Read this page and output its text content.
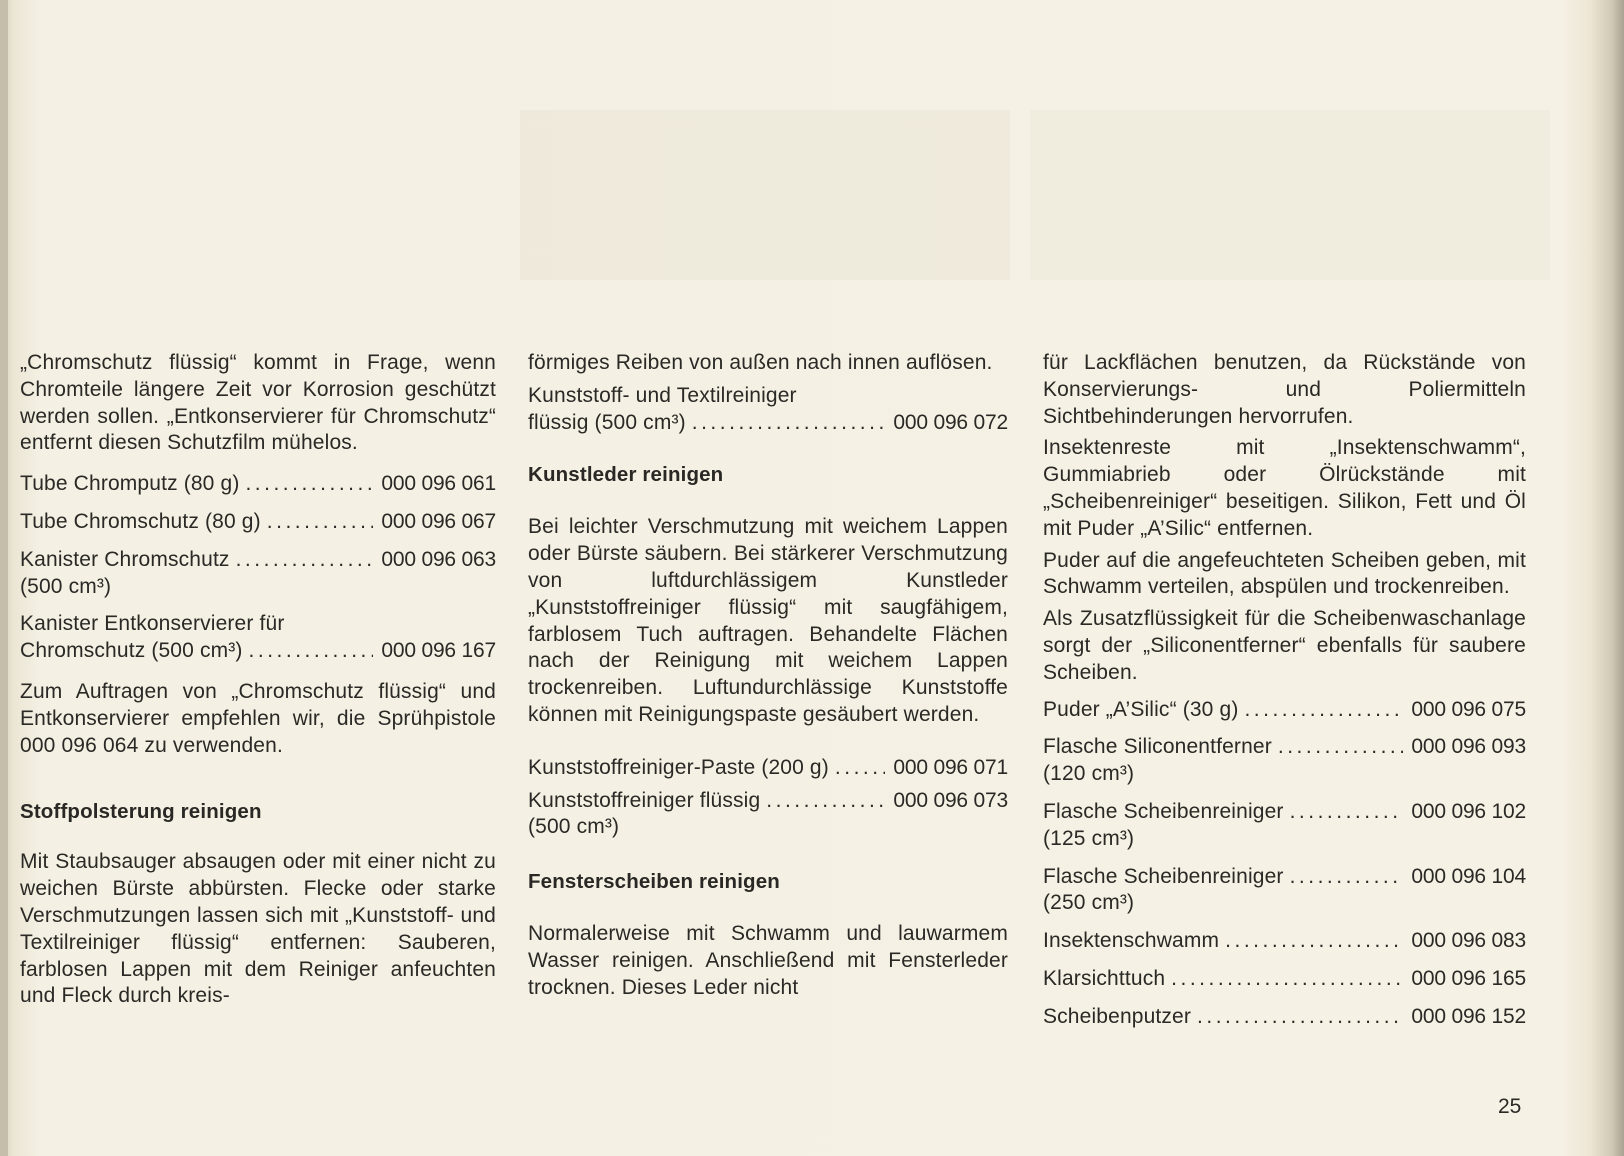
„Chromschutz flüssig“ kommt in Frage, wenn Chromteile längere Zeit vor Korrosion geschützt werden sollen. „Entkonservierer für Chromschutz“ entfernt diesen Schutzfilm mühelos.

Tube Chromputz (80 g) .....	000 096 061
Tube Chromschutz (80 g) .....	000 096 067
Kanister Chromschutz .....	000 096 063
(500 cm³)
Kanister Entkonservierer für
Chromschutz (500 cm³) .....	000 096 167

Zum Auftragen von „Chromschutz flüssig“ und Entkonservierer empfehlen wir, die Sprühpistole 000 096 064 zu verwenden.

Stoffpolsterung reinigen

Mit Staubsauger absaugen oder mit einer nicht zu weichen Bürste abbürsten. Flecke oder starke Verschmutzungen lassen sich mit „Kunststoff- und Textilreiniger flüssig“ entfernen: Sauberen, farblosen Lappen mit dem Reiniger anfeuchten und Fleck durch kreis-

förmiges Reiben von außen nach innen auflösen.

Kunststoff- und Textilreiniger
flüssig (500 cm³) .....	000 096 072
Kunstleder reinigen

Bei leichter Verschmutzung mit weichem Lappen oder Bürste säubern. Bei stärkerer Verschmutzung von luftdurchlässigem Kunstleder „Kunststoffreiniger flüssig“ mit saugfähigem, farblosem Tuch auftragen. Behandelte Flächen nach der Reinigung mit weichem Lappen trockenreiben. Luftundurchlässige Kunststoffe können mit Reinigungspaste gesäubert werden.

Kunststoffreiniger-Paste (200 g) .....	000 096 071
Kunststoffreiniger flüssig .....	000 096 073
(500 cm³)
Fensterscheiben reinigen

Normalerweise mit Schwamm und lauwarmem Wasser reinigen. Anschließend mit Fensterleder trocknen. Dieses Leder nicht

für Lackflächen benutzen, da Rückstände von Konservierungs- und Poliermitteln Sichtbehinderungen hervorrufen.

Insektenreste mit „Insektenschwamm“, Gummiabrieb oder Ölrückstände mit „Scheibenreiniger“ beseitigen. Silikon, Fett und Öl mit Puder „A’Silic“ entfernen.

Puder auf die angefeuchteten Scheiben geben, mit Schwamm verteilen, abspülen und trockenreiben.

Als Zusatzflüssigkeit für die Scheibenwaschanlage sorgt der „Siliconentferner“ ebenfalls für saubere Scheiben.

Puder „A’Silic“ (30 g) .....	000 096 075
Flasche Siliconentferner .....	000 096 093
(120 cm³)
Flasche Scheibenreiniger .....	000 096 102
(125 cm³)
Flasche Scheibenreiniger .....	000 096 104
(250 cm³)
Insektenschwamm .....	000 096 083
Klarsichttuch .....	000 096 165
Scheibenputzer .....	000 096 152
25
